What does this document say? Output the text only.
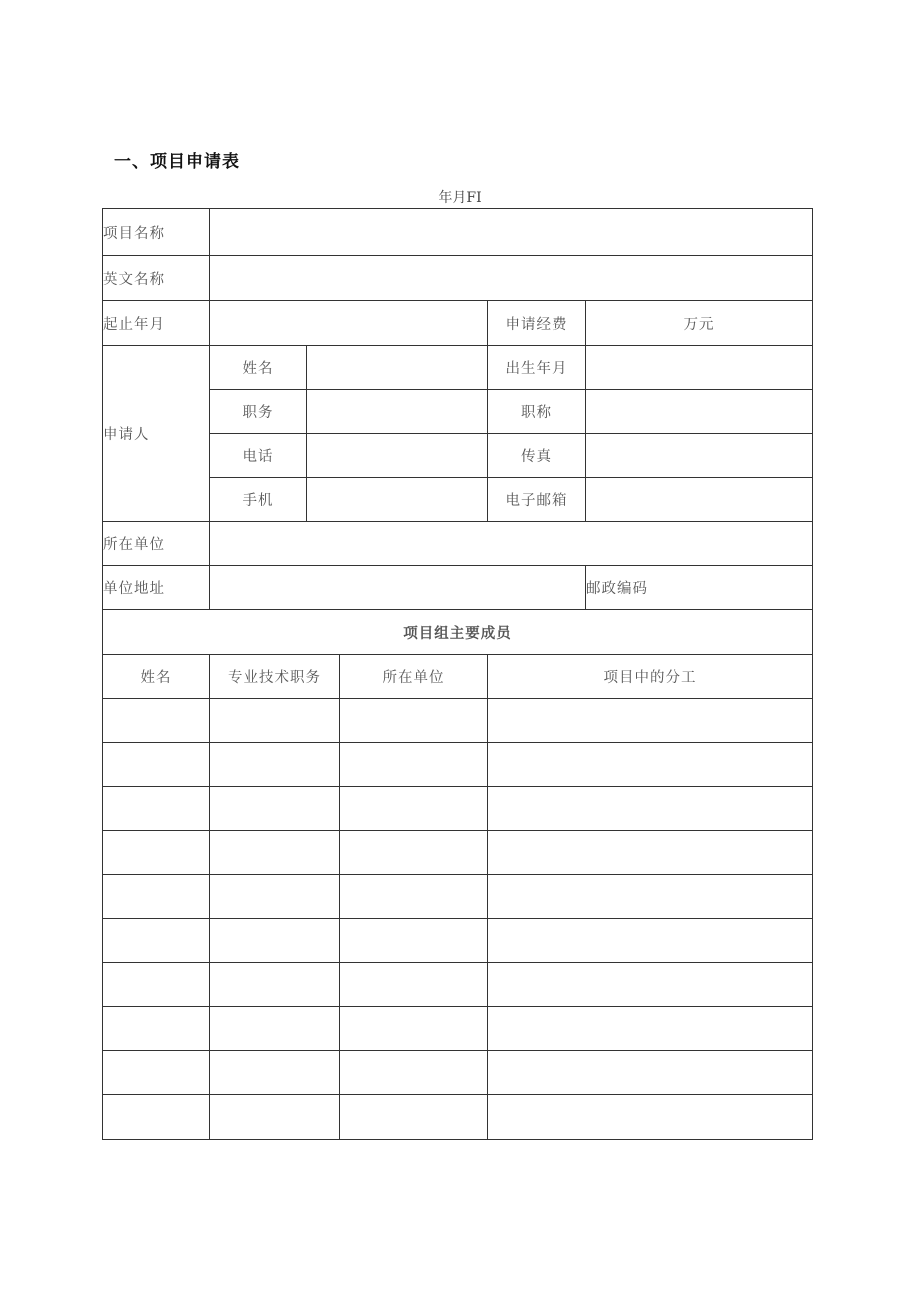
一、项目申请表
年月FI
项目名称					
英文名称					
起止年月				申请经费	万元
申请人	姓名			出生年月	
	职务			职称	
	电话			传真	
	手机			电子邮箱	
所在单位					
单位地址					邮政编码
项目组主要成员					
姓名	专业技术职务		所在单位	项目中的分工	
